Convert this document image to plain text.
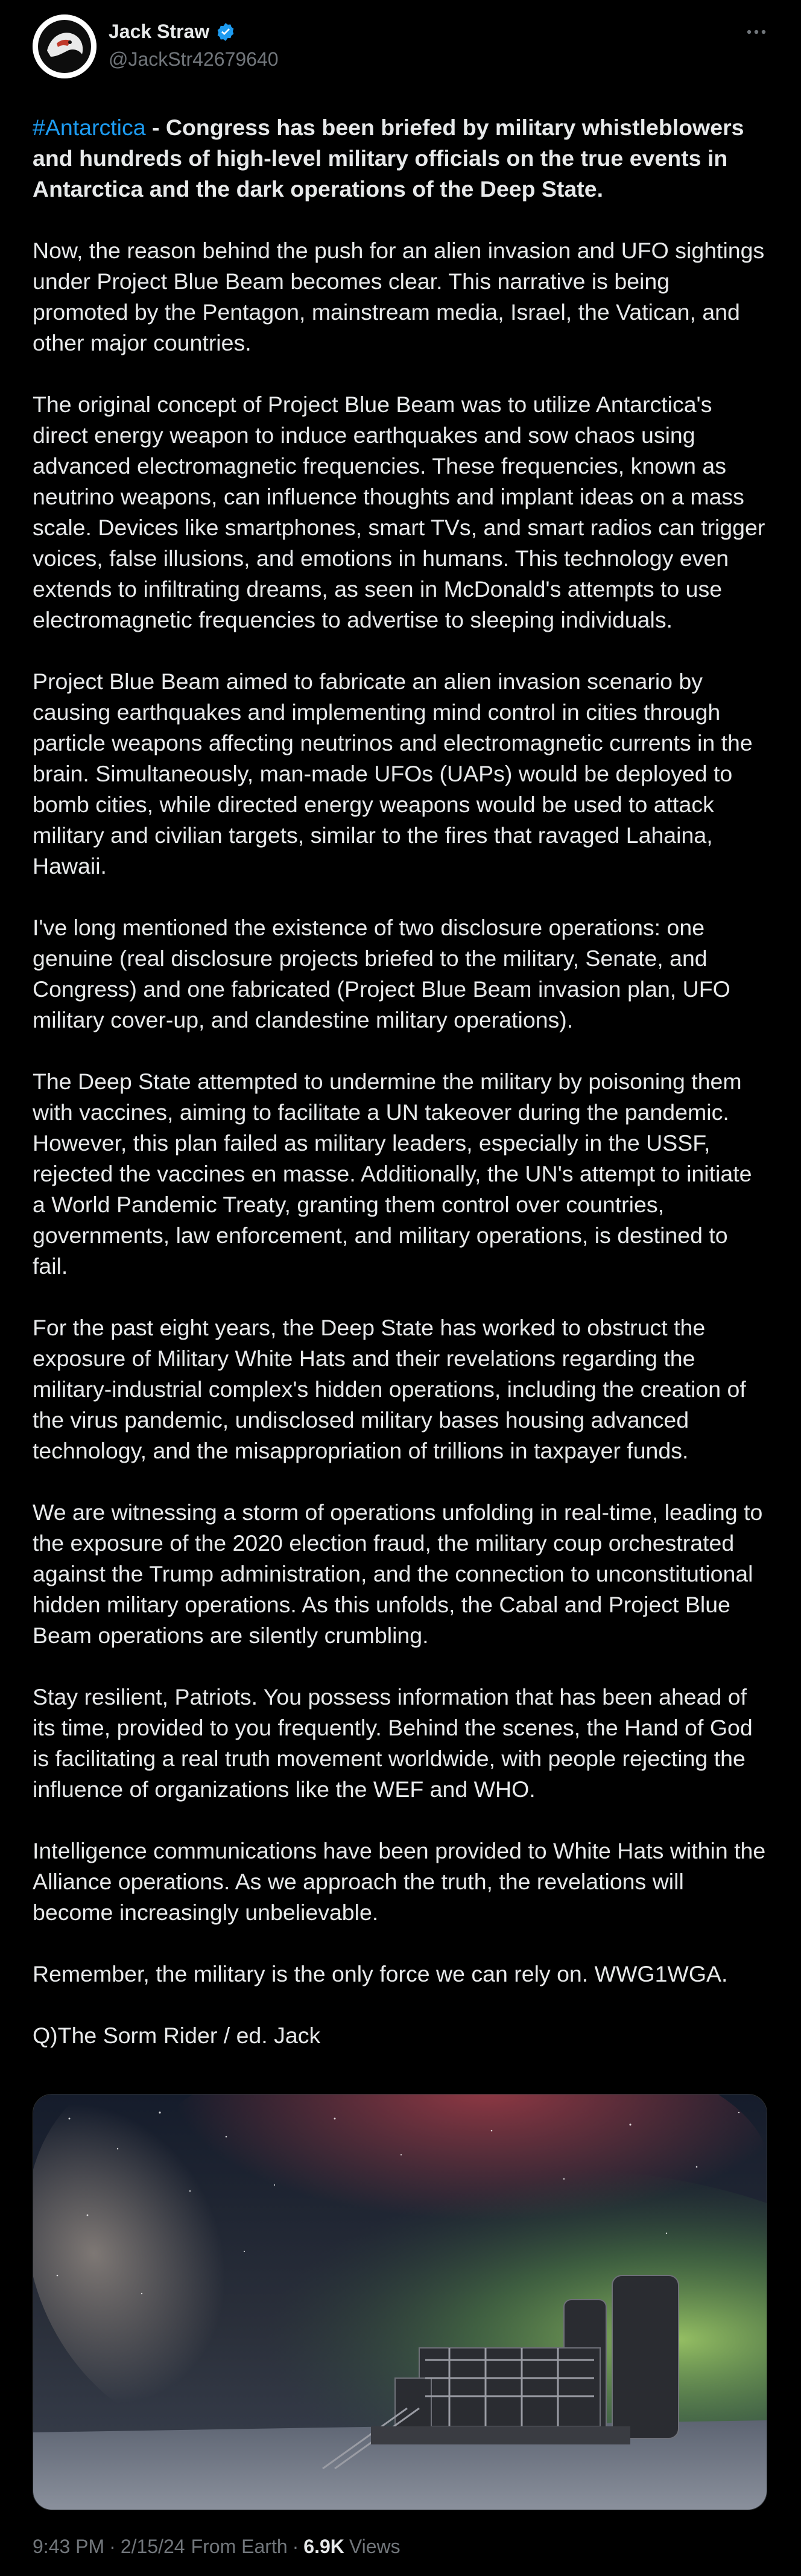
Jack Straw
@JackStr42679640

#Antarctica - Congress has been briefed by military whistleblowers and hundreds of high-level military officials on the true events in Antarctica and the dark operations of the Deep State.

Now, the reason behind the push for an alien invasion and UFO sightings under Project Blue Beam becomes clear. This narrative is being promoted by the Pentagon, mainstream media, Israel, the Vatican, and other major countries.

The original concept of Project Blue Beam was to utilize Antarctica's direct energy weapon to induce earthquakes and sow chaos using advanced electromagnetic frequencies. These frequencies, known as neutrino weapons, can influence thoughts and implant ideas on a mass scale. Devices like smartphones, smart TVs, and smart radios can trigger voices, false illusions, and emotions in humans. This technology even extends to infiltrating dreams, as seen in McDonald's attempts to use electromagnetic frequencies to advertise to sleeping individuals.

Project Blue Beam aimed to fabricate an alien invasion scenario by causing earthquakes and implementing mind control in cities through particle weapons affecting neutrinos and electromagnetic currents in the brain. Simultaneously, man-made UFOs (UAPs) would be deployed to bomb cities, while directed energy weapons would be used to attack military and civilian targets, similar to the fires that ravaged Lahaina, Hawaii.

I've long mentioned the existence of two disclosure operations: one genuine (real disclosure projects briefed to the military, Senate, and Congress) and one fabricated (Project Blue Beam invasion plan, UFO military cover-up, and clandestine military operations).

The Deep State attempted to undermine the military by poisoning them with vaccines, aiming to facilitate a UN takeover during the pandemic. However, this plan failed as military leaders, especially in the USSF, rejected the vaccines en masse. Additionally, the UN's attempt to initiate a World Pandemic Treaty, granting them control over countries, governments, law enforcement, and military operations, is destined to fail.

For the past eight years, the Deep State has worked to obstruct the exposure of Military White Hats and their revelations regarding the military-industrial complex's hidden operations, including the creation of the virus pandemic, undisclosed military bases housing advanced technology, and the misappropriation of trillions in taxpayer funds.

We are witnessing a storm of operations unfolding in real-time, leading to the exposure of the 2020 election fraud, the military coup orchestrated against the Trump administration, and the connection to unconstitutional hidden military operations. As this unfolds, the Cabal and Project Blue Beam operations are silently crumbling.

Stay resilient, Patriots. You possess information that has been ahead of its time, provided to you frequently. Behind the scenes, the Hand of God is facilitating a real truth movement worldwide, with people rejecting the influence of organizations like the WEF and WHO.

Intelligence communications have been provided to White Hats within the Alliance operations. As we approach the truth, the revelations will become increasingly unbelievable.

Remember, the military is the only force we can rely on. WWG1WGA.

Q)The Sorm Rider / ed. Jack

9:43 PM · 2/15/24 From Earth · 6.9K Views
